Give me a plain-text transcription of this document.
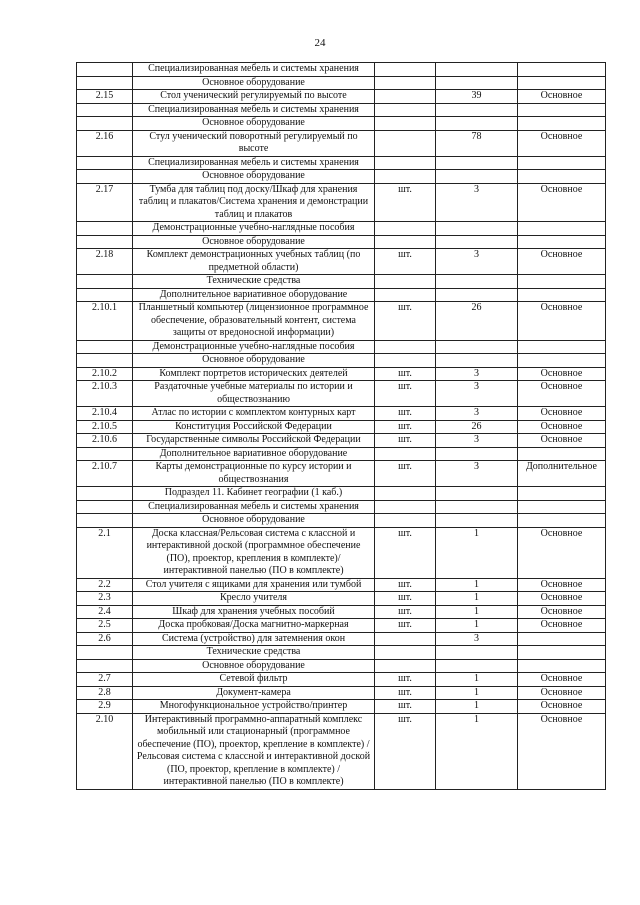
24
	Специализированная мебель и системы хранения			
	Основное оборудование			
2.15	Стол ученический регулируемый по высоте		39	Основное
	Специализированная мебель и системы хранения			
	Основное оборудование			
2.16	Стул ученический поворотный регулируемый по высоте		78	Основное
	Специализированная мебель и системы хранения			
	Основное оборудование			
2.17	Тумба для таблиц под доску/Шкаф для хранения таблиц и плакатов/Система хранения и демонстрации таблиц и плакатов	шт.	3	Основное
	Демонстрационные учебно-наглядные пособия			
	Основное оборудование			
2.18	Комплект демонстрационных учебных таблиц (по предметной области)	шт.	3	Основное
	Технические средства			
	Дополнительное вариативное оборудование			
2.10.1	Планшетный компьютер (лицензионное программное обеспечение, образовательный контент, система защиты от вредоносной информации)	шт.	26	Основное
	Демонстрационные учебно-наглядные пособия			
	Основное оборудование			
2.10.2	Комплект портретов исторических деятелей	шт.	3	Основное
2.10.3	Раздаточные учебные материалы по истории и обществознанию	шт.	3	Основное
2.10.4	Атлас по истории с комплектом контурных карт	шт.	3	Основное
2.10.5	Конституция Российской Федерации	шт.	26	Основное
2.10.6	Государственные символы Российской Федерации	шт.	3	Основное
	Дополнительное вариативное оборудование			
2.10.7	Карты демонстрационные по курсу истории и обществознания	шт.	3	Дополнительное
	Подраздел 11. Кабинет географии (1 каб.)			
	Специализированная мебель и системы хранения			
	Основное оборудование			
2.1	Доска классная/Рельсовая система с классной и интерактивной доской (программное обеспечение (ПО), проектор, крепления в комплекте)/интерактивной панелью (ПО в комплекте)	шт.	1	Основное
2.2	Стол учителя с ящиками для хранения или тумбой	шт.	1	Основное
2.3	Кресло учителя	шт.	1	Основное
2.4	Шкаф для хранения учебных пособий	шт.	1	Основное
2.5	Доска пробковая/Доска магнитно-маркерная	шт.	1	Основное
2.6	Система (устройство) для затемнения окон		3	
	Технические средства			
	Основное оборудование			
2.7	Сетевой фильтр	шт.	1	Основное
2.8	Документ-камера	шт.	1	Основное
2.9	Многофункциональное устройство/принтер	шт.	1	Основное
2.10	Интерактивный программно-аппаратный комплекс мобильный или стационарный (программное обеспечение (ПО), проектор, крепление в комплекте) / Рельсовая система с классной и интерактивной доской (ПО, проектор, крепление в комплекте) / интерактивной панелью (ПО в комплекте)	шт.	1	Основное
